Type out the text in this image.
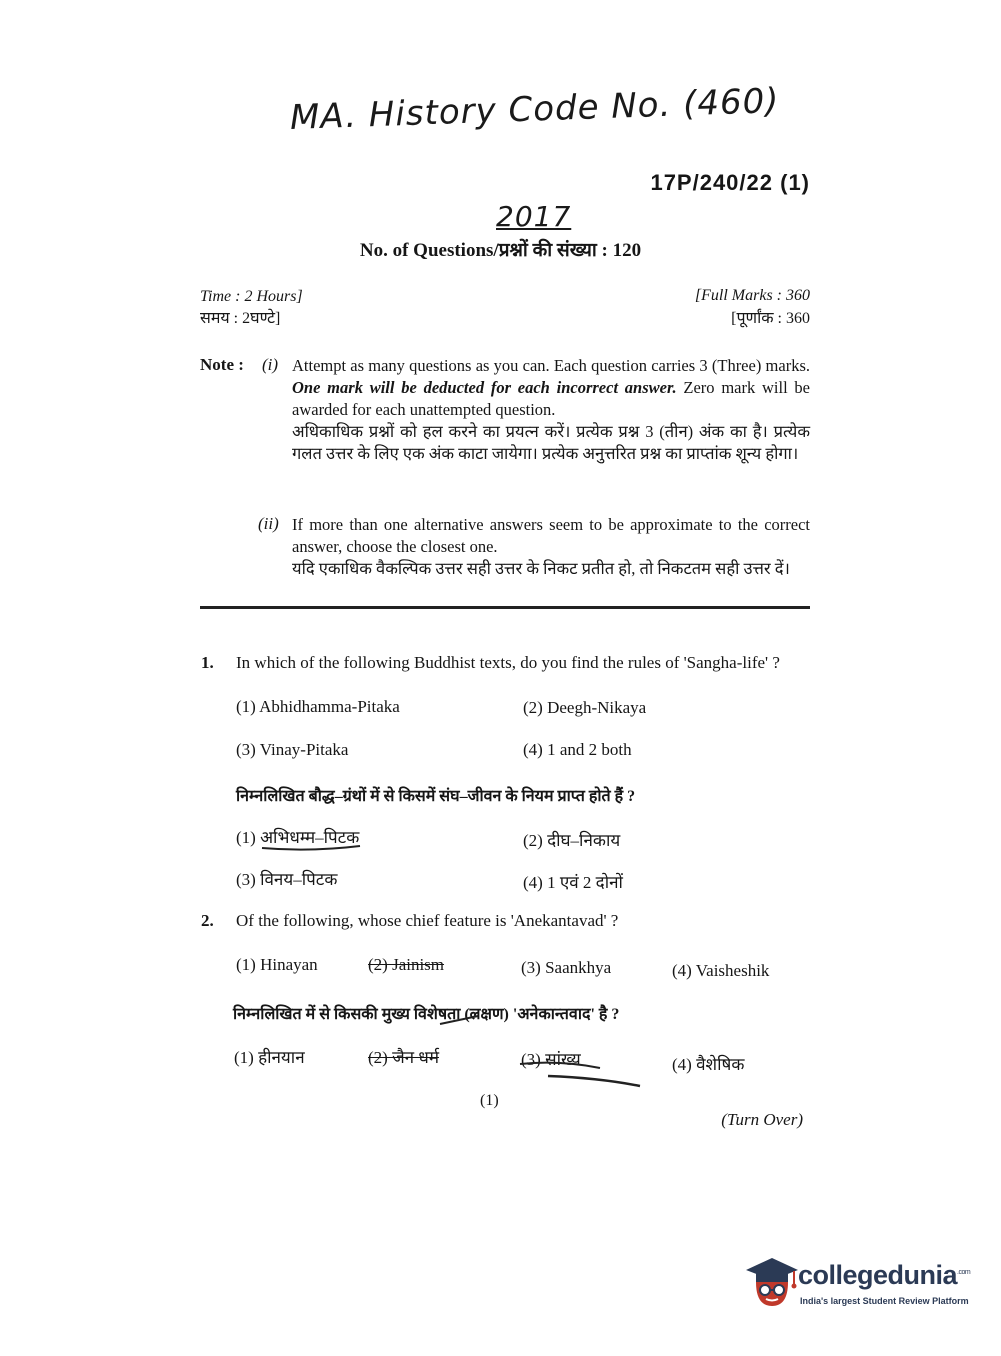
MA. History Code No. (460)
17P/240/22 (1)
2017
No. of Questions/प्रश्नों की संख्या : 120
Time : 2 Hours]
समय : 2घण्टे]
[Full Marks : 360
[पूर्णांक : 360
Note : (i) Attempt as many questions as you can. Each question carries 3 (Three) marks. One mark will be deducted for each incorrect answer. Zero mark will be awarded for each unattempted question.
अधिकाधिक प्रश्नों को हल करने का प्रयत्न करें। प्रत्येक प्रश्न 3 (तीन) अंक का है। प्रत्येक गलत उत्तर के लिए एक अंक काटा जायेगा। प्रत्येक अनुत्तरित प्रश्न का प्राप्तांक शून्य होगा।
(ii) If more than one alternative answers seem to be approximate to the correct answer, choose the closest one.
यदि एकाधिक वैकल्पिक उत्तर सही उत्तर के निकट प्रतीत हो, तो निकटतम सही उत्तर दें।
1. In which of the following Buddhist texts, do you find the rules of 'Sangha-life' ?
(1) Abhidhamma-Pitaka	(2) Deegh-Nikaya
(3) Vinay-Pitaka	(4) 1 and 2 both
निम्नलिखित बौद्ध–ग्रंथों में से किसमें संघ–जीवन के नियम प्राप्त होते हैं ?
(1) अभिधम्म–पिटक	(2) दीघ–निकाय
(3) विनय–पिटक	(4) 1 एवं 2 दोनों
2. Of the following, whose chief feature is 'Anekantavad' ?
(1) Hinayan	(2) Jainism	(3) Saankhya	(4) Vaisheshik
निम्नलिखित में से किसकी मुख्य विशेषता (लक्षण) 'अनेकान्तवाद' है ?
(1) हीनयान	(2) जैन धर्म	(3) सांख्य	(4) वैशेषिक
(1)
(Turn Over)
collegedunia$^{.com}$
India's largest Student Review Platform
